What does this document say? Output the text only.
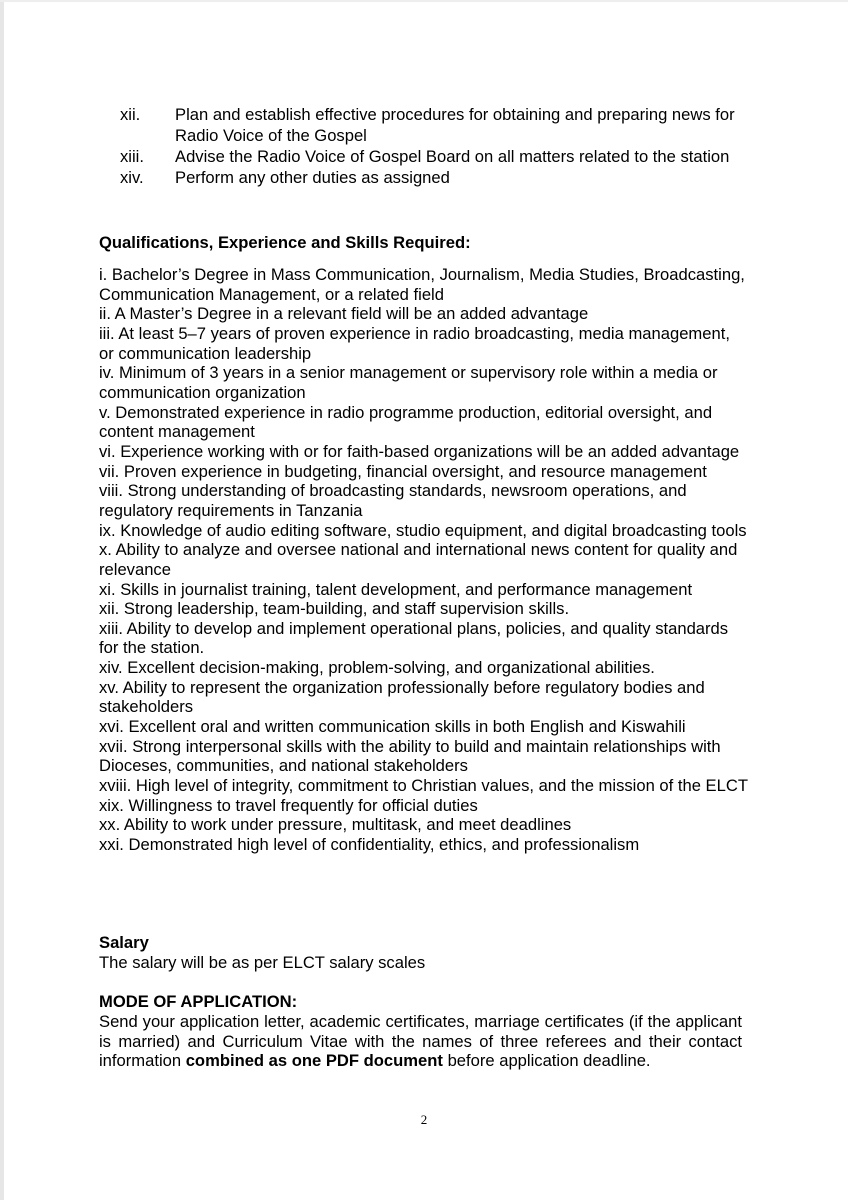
xii.	Plan and establish effective procedures for obtaining and preparing news for Radio Voice of the Gospel
xiii.	Advise the Radio Voice of Gospel Board on all matters related to the station
xiv.	Perform any other duties as assigned
Qualifications, Experience and Skills Required:
i. Bachelor’s Degree in Mass Communication, Journalism, Media Studies, Broadcasting, Communication Management, or a related field
ii. A Master’s Degree in a relevant field will be an added advantage
iii. At least 5–7 years of proven experience in radio broadcasting, media management, or communication leadership
iv. Minimum of 3 years in a senior management or supervisory role within a media or communication organization
v. Demonstrated experience in radio programme production, editorial oversight, and content management
vi. Experience working with or for faith-based organizations will be an added advantage
vii. Proven experience in budgeting, financial oversight, and resource management
viii. Strong understanding of broadcasting standards, newsroom operations, and regulatory requirements in Tanzania
ix. Knowledge of audio editing software, studio equipment, and digital broadcasting tools
x. Ability to analyze and oversee national and international news content for quality and relevance
xi. Skills in journalist training, talent development, and performance management
xii. Strong leadership, team-building, and staff supervision skills.
xiii. Ability to develop and implement operational plans, policies, and quality standards for the station.
xiv. Excellent decision-making, problem-solving, and organizational abilities.
xv. Ability to represent the organization professionally before regulatory bodies and stakeholders
xvi. Excellent oral and written communication skills in both English and Kiswahili
xvii. Strong interpersonal skills with the ability to build and maintain relationships with Dioceses, communities, and national stakeholders
xviii. High level of integrity, commitment to Christian values, and the mission of the ELCT
xix. Willingness to travel frequently for official duties
xx. Ability to work under pressure, multitask, and meet deadlines
xxi. Demonstrated high level of confidentiality, ethics, and professionalism
Salary

The salary will be as per ELCT salary scales

MODE OF APPLICATION:

Send your application letter, academic certificates, marriage certificates (if the applicant is married) and Curriculum Vitae with the names of three referees and their contact information combined as one PDF document before application deadline.

2
